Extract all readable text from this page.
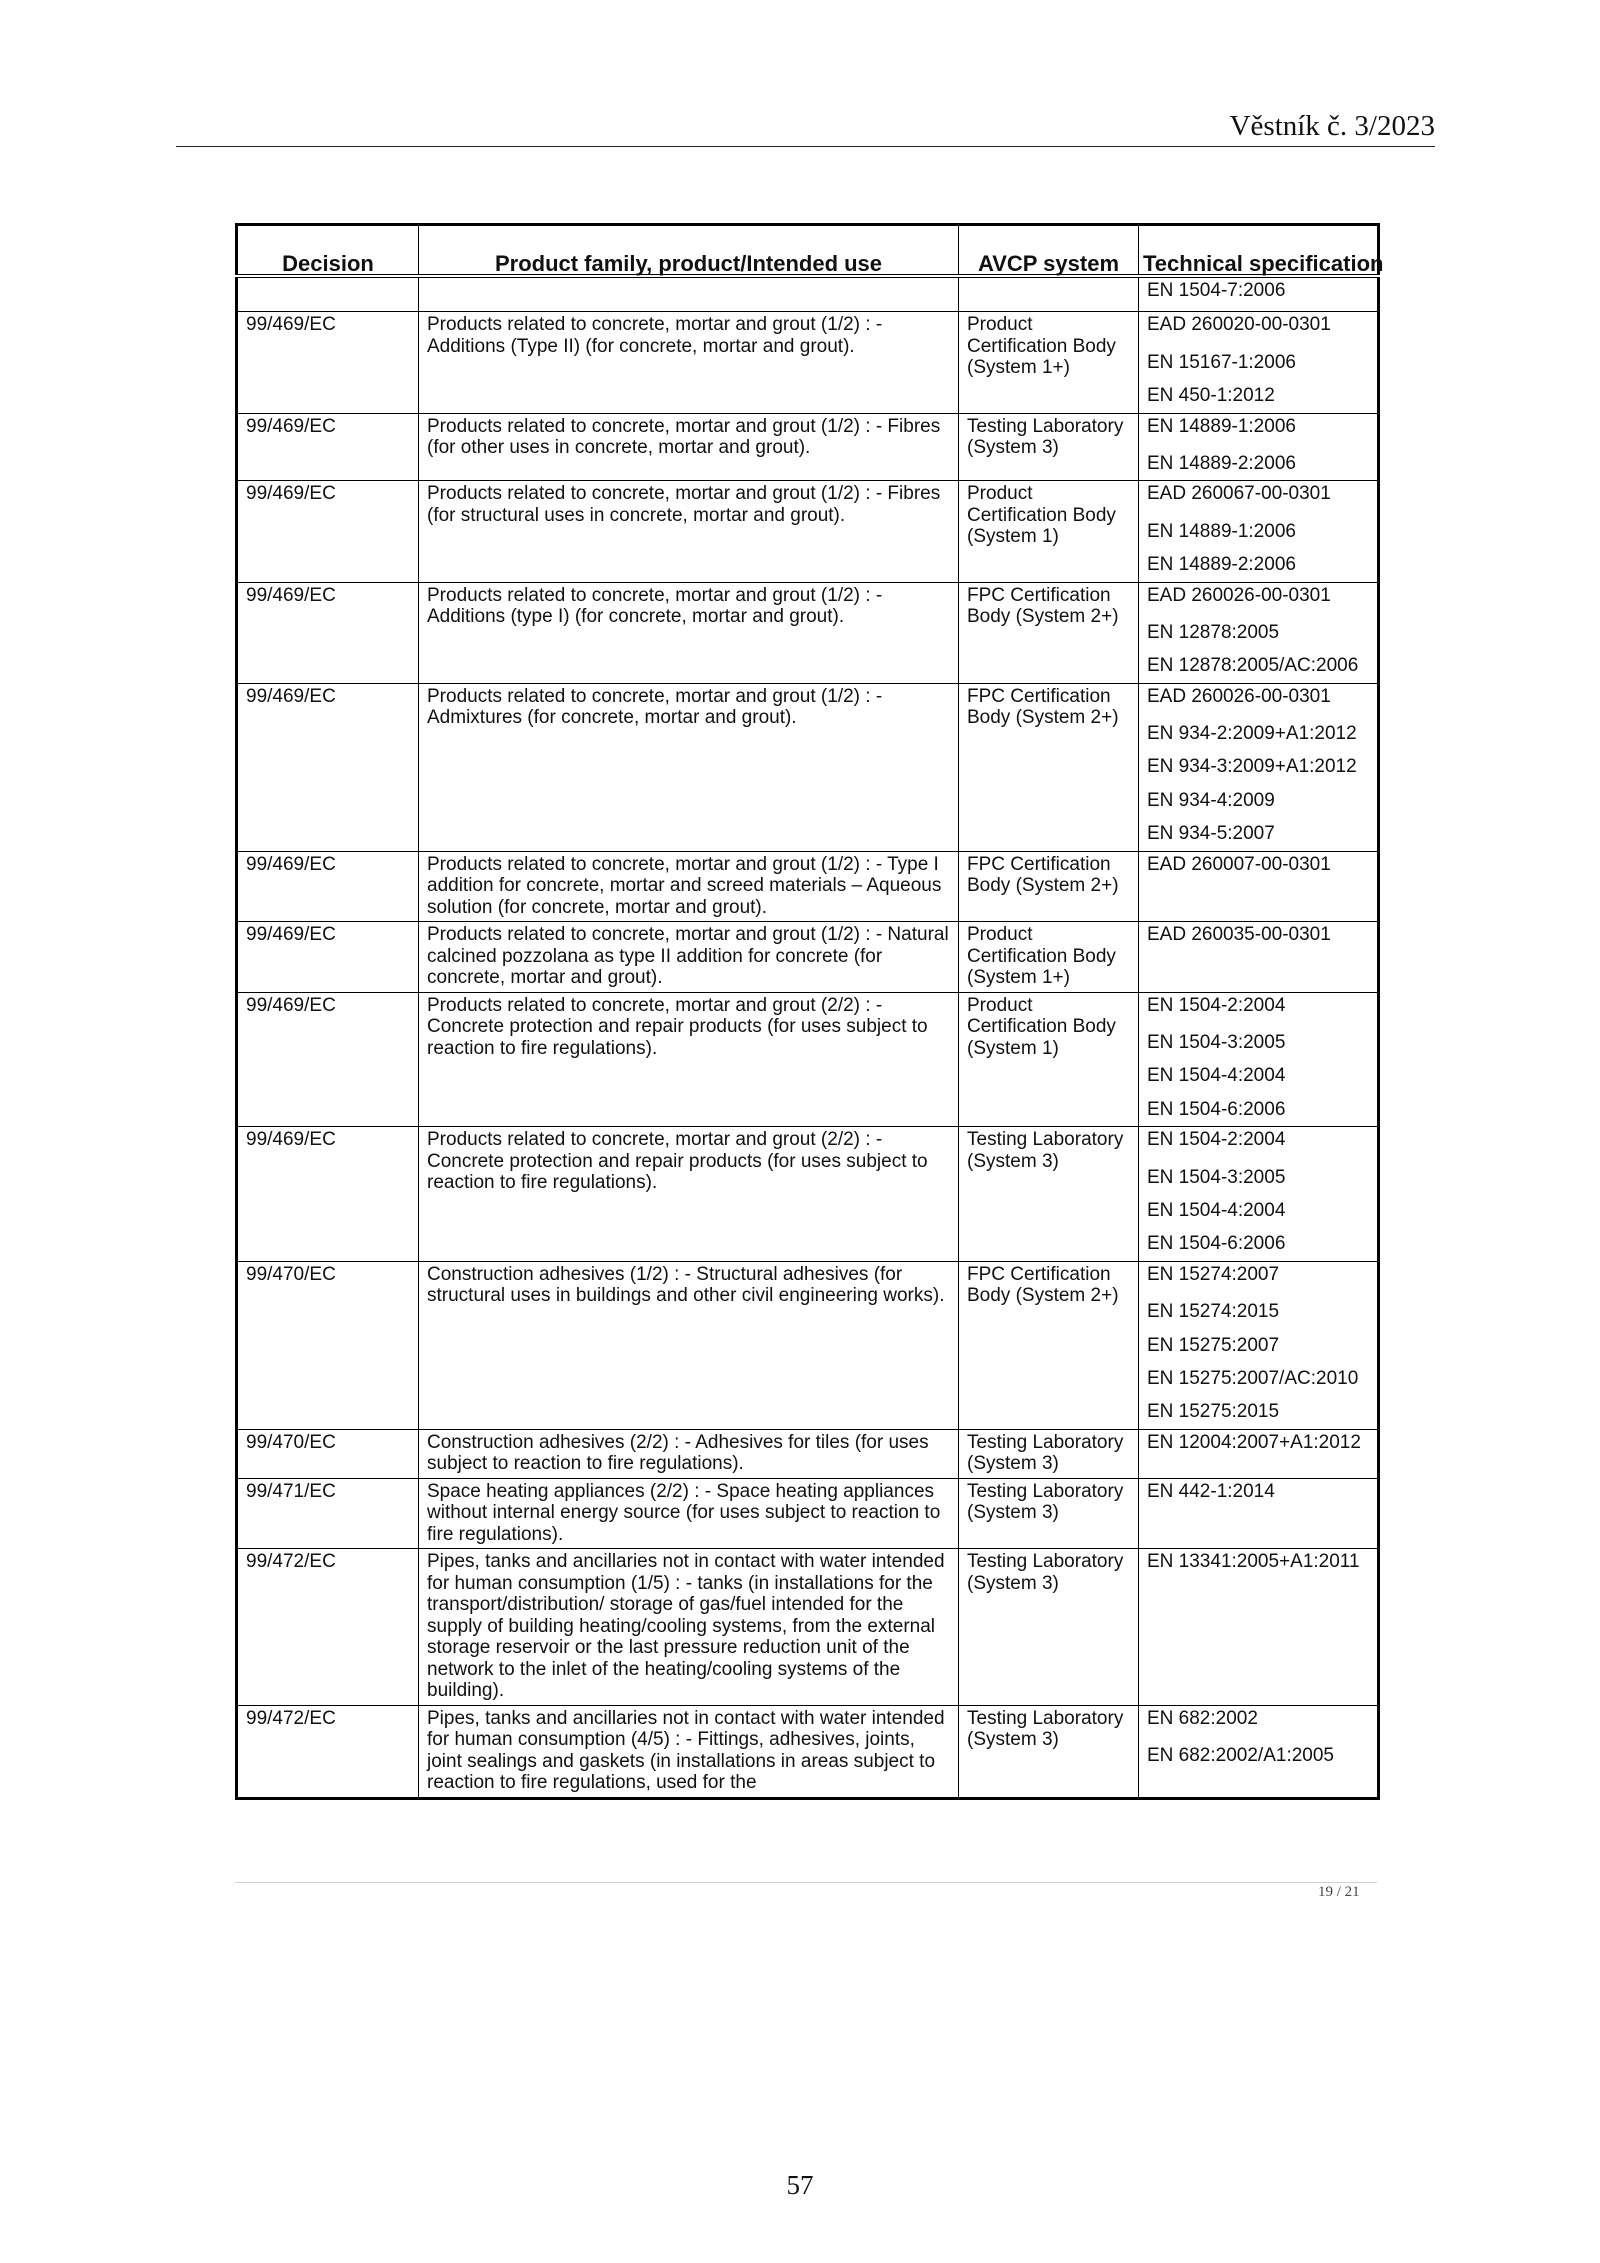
Věstník č. 3/2023
Decision	Product family, product/Intended use	AVCP system	Technical specification

			EN 1504-7:2006

99/469/EC	Products related to concrete, mortar and grout (1/2) : - Additions (Type II) (for concrete, mortar and grout).	Product Certification Body (System 1+)	EAD 260020-00-0301
EN 15167-1:2006
EN 450-1:2012

99/469/EC	Products related to concrete, mortar and grout (1/2) : - Fibres (for other uses in concrete, mortar and grout).	Testing Laboratory (System 3)	EN 14889-1:2006
EN 14889-2:2006

99/469/EC	Products related to concrete, mortar and grout (1/2) : - Fibres (for structural uses in concrete, mortar and grout).	Product Certification Body (System 1)	EAD 260067-00-0301
EN 14889-1:2006
EN 14889-2:2006

99/469/EC	Products related to concrete, mortar and grout (1/2) : - Additions (type I) (for concrete, mortar and grout).	FPC Certification Body (System 2+)	EAD 260026-00-0301
EN 12878:2005
EN 12878:2005/AC:2006

99/469/EC	Products related to concrete, mortar and grout (1/2) : - Admixtures (for concrete, mortar and grout).	FPC Certification Body (System 2+)	EAD 260026-00-0301
EN 934-2:2009+A1:2012
EN 934-3:2009+A1:2012
EN 934-4:2009
EN 934-5:2007

99/469/EC	Products related to concrete, mortar and grout (1/2) : - Type I addition for concrete, mortar and screed materials – Aqueous solution (for concrete, mortar and grout).	FPC Certification Body (System 2+)	EAD 260007-00-0301

99/469/EC	Products related to concrete, mortar and grout (1/2) : - Natural calcined pozzolana as type II addition for concrete (for concrete, mortar and grout).	Product Certification Body (System 1+)	EAD 260035-00-0301

99/469/EC	Products related to concrete, mortar and grout (2/2) : - Concrete protection and repair products (for uses subject to reaction to fire regulations).	Product Certification Body (System 1)	EN 1504-2:2004
EN 1504-3:2005
EN 1504-4:2004
EN 1504-6:2006

99/469/EC	Products related to concrete, mortar and grout (2/2) : - Concrete protection and repair products (for uses subject to reaction to fire regulations).	Testing Laboratory (System 3)	EN 1504-2:2004
EN 1504-3:2005
EN 1504-4:2004
EN 1504-6:2006

99/470/EC	Construction adhesives (1/2) : - Structural adhesives (for structural uses in buildings and other civil engineering works).	FPC Certification Body (System 2+)	EN 15274:2007
EN 15274:2015
EN 15275:2007
EN 15275:2007/AC:2010
EN 15275:2015

99/470/EC	Construction adhesives (2/2) : - Adhesives for tiles (for uses subject to reaction to fire regulations).	Testing Laboratory (System 3)	EN 12004:2007+A1:2012

99/471/EC	Space heating appliances (2/2) : - Space heating appliances without internal energy source (for uses subject to reaction to fire regulations).	Testing Laboratory (System 3)	EN 442-1:2014

99/472/EC	Pipes, tanks and ancillaries not in contact with water intended for human consumption (1/5) : - tanks (in installations for the transport/distribution/ storage of gas/fuel intended for the supply of building heating/cooling systems, from the external storage reservoir or the last pressure reduction unit of the network to the inlet of the heating/cooling systems of the building).	Testing Laboratory (System 3)	EN 13341:2005+A1:2011

99/472/EC	Pipes, tanks and ancillaries not in contact with water intended for human consumption (4/5) : - Fittings, adhesives, joints, joint sealings and gaskets (in installations in areas subject to reaction to fire regulations, used for the	Testing Laboratory (System 3)	EN 682:2002
EN 682:2002/A1:2005
19 / 21
57
